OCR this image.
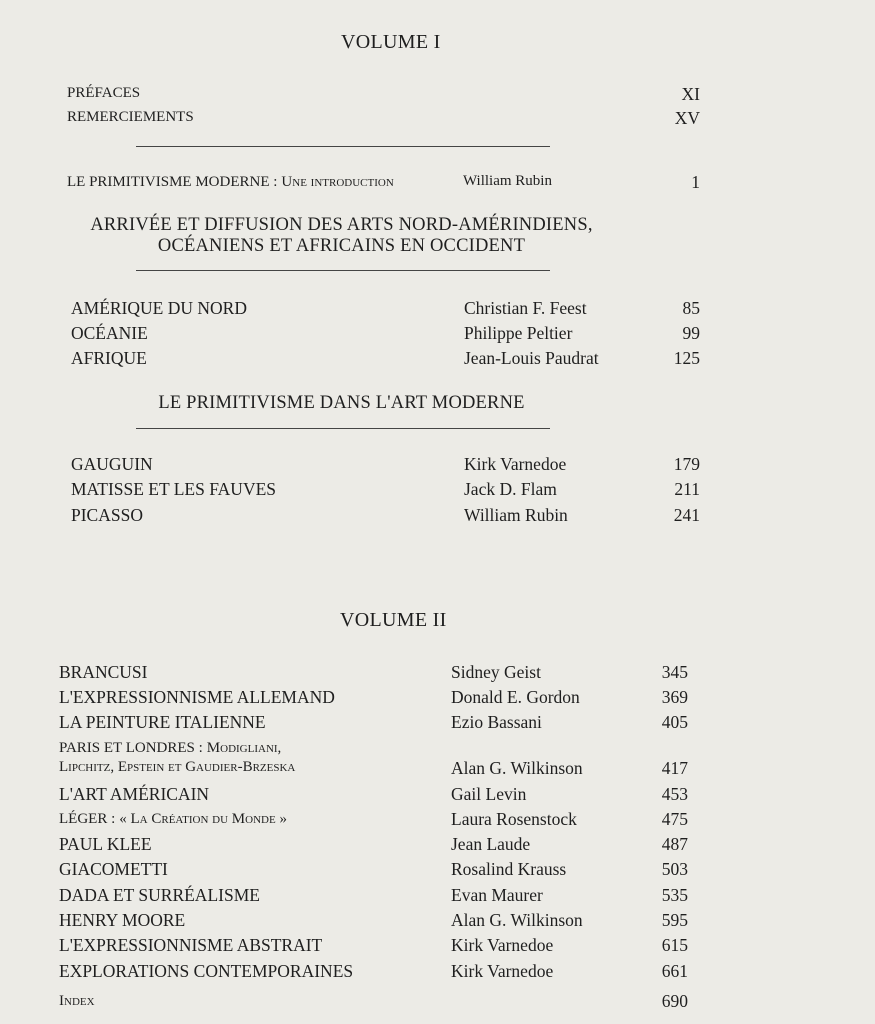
VOLUME I
PRÉFACES	XI
REMERCIEMENTS	XV
LE PRIMITIVISME MODERNE : Une introduction	William Rubin	1
ARRIVÉE ET DIFFUSION DES ARTS NORD-AMÉRINDIENS,
OCÉANIENS ET AFRICAINS EN OCCIDENT
AMÉRIQUE DU NORD	Christian F. Feest	85
OCÉANIE	Philippe Peltier	99
AFRIQUE	Jean-Louis Paudrat	125
LE PRIMITIVISME DANS L'ART MODERNE
GAUGUIN	Kirk Varnedoe	179
MATISSE ET LES FAUVES	Jack D. Flam	211
PICASSO	William Rubin	241
VOLUME II
BRANCUSI	Sidney Geist	345
L'EXPRESSIONNISME ALLEMAND	Donald E. Gordon	369
LA PEINTURE ITALIENNE	Ezio Bassani	405
PARIS ET LONDRES : Modigliani,
Lipchitz, Epstein et Gaudier-Brzeska	Alan G. Wilkinson	417
L'ART AMÉRICAIN	Gail Levin	453
LÉGER : « La Création du Monde »	Laura Rosenstock	475
PAUL KLEE	Jean Laude	487
GIACOMETTI	Rosalind Krauss	503
DADA ET SURRÉALISME	Evan Maurer	535
HENRY MOORE	Alan G. Wilkinson	595
L'EXPRESSIONNISME ABSTRAIT	Kirk Varnedoe	615
EXPLORATIONS CONTEMPORAINES	Kirk Varnedoe	661
Index	690
